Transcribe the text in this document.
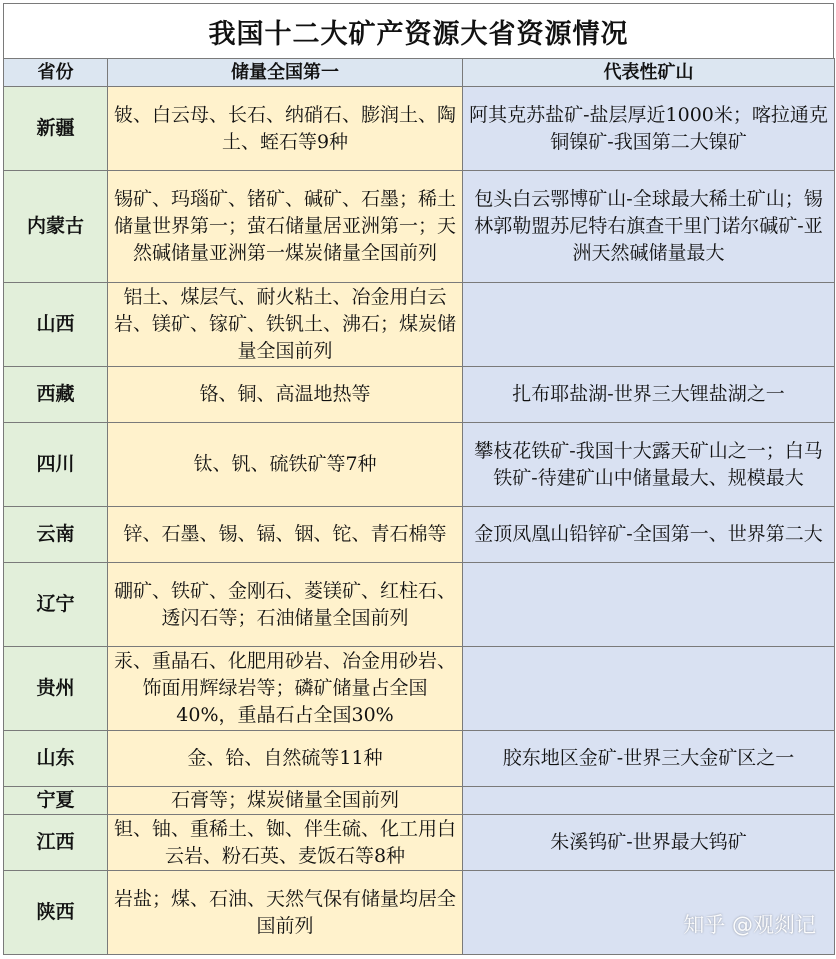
我国十二大矿产资源大省资源情况
省份	储量全国第一	代表性矿山
新疆	铍、白云母、长石、纳硝石、膨润土、陶土、蛭石等9种	阿其克苏盐矿-盐层厚近1000米；喀拉通克铜镍矿-我国第二大镍矿
内蒙古	锡矿、玛瑙矿、锗矿、碱矿、石墨；稀土储量世界第一；萤石储量居亚洲第一；天然碱储量亚洲第一煤炭储量全国前列	包头白云鄂博矿山-全球最大稀土矿山；锡林郭勒盟苏尼特右旗查干里门诺尔碱矿-亚洲天然碱储量最大
山西	铝土、煤层气、耐火粘土、冶金用白云岩、镁矿、镓矿、铁钒土、沸石；煤炭储量全国前列	
西藏	铬、铜、高温地热等	扎布耶盐湖-世界三大锂盐湖之一
四川	钛、钒、硫铁矿等7种	攀枝花铁矿-我国十大露天矿山之一；白马铁矿-待建矿山中储量最大、规模最大
云南	锌、石墨、锡、镉、铟、铊、青石棉等	金顶凤凰山铅锌矿-全国第一、世界第二大
辽宁	硼矿、铁矿、金刚石、菱镁矿、红柱石、透闪石等；石油储量全国前列	
贵州	汞、重晶石、化肥用砂岩、冶金用砂岩、饰面用辉绿岩等；磷矿储量占全国40%，重晶石占全国30%	
山东	金、铪、自然硫等11种	胶东地区金矿-世界三大金矿区之一
宁夏	石膏等；煤炭储量全国前列	
江西	钽、铀、重稀土、铷、伴生硫、化工用白云岩、粉石英、麦饭石等8种	朱溪钨矿-世界最大钨矿
陕西	岩盐；煤、石油、天然气保有储量均居全国前列		知乎 @观剡记
